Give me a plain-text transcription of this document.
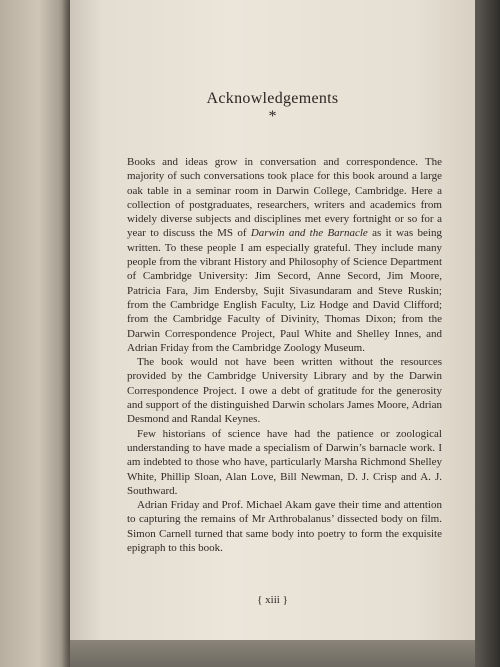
Acknowledgements
*

Books and ideas grow in conversation and correspondence. The majority of such conversations took place for this book around a large oak table in a seminar room in Darwin College, Cambridge. Here a collection of postgraduates, researchers, writers and academics from widely diverse subjects and disciplines met every fortnight or so for a year to discuss the MS of Darwin and the Barnacle as it was being written. To these people I am especially grateful. They include many people from the vibrant History and Philosophy of Science Department of Cambridge University: Jim Secord, Anne Secord, Jim Moore, Patricia Fara, Jim Endersby, Sujit Sivasundaram and Steve Ruskin; from the Cambridge English Faculty, Liz Hodge and David Clifford; from the Cambridge Faculty of Divinity, Thomas Dixon; from the Darwin Correspondence Project, Paul White and Shelley Innes, and Adrian Friday from the Cambridge Zoology Museum.

The book would not have been written without the resources provided by the Cambridge University Library and by the Darwin Correspondence Project. I owe a debt of gratitude for the generosity and support of the distinguished Darwin scholars James Moore, Adrian Desmond and Randal Keynes.

Few historians of science have had the patience or zoological understanding to have made a specialism of Darwin’s barnacle work. I am indebted to those who have, particularly Marsha Richmond Shelley White, Phillip Sloan, Alan Love, Bill Newman, D. J. Crisp and A. J. Southward.

Adrian Friday and Prof. Michael Akam gave their time and attention to capturing the remains of Mr Arthrobalanus’ dissected body on film. Simon Carnell turned that same body into poetry to form the exquisite epigraph to this book.

{ xiii }
